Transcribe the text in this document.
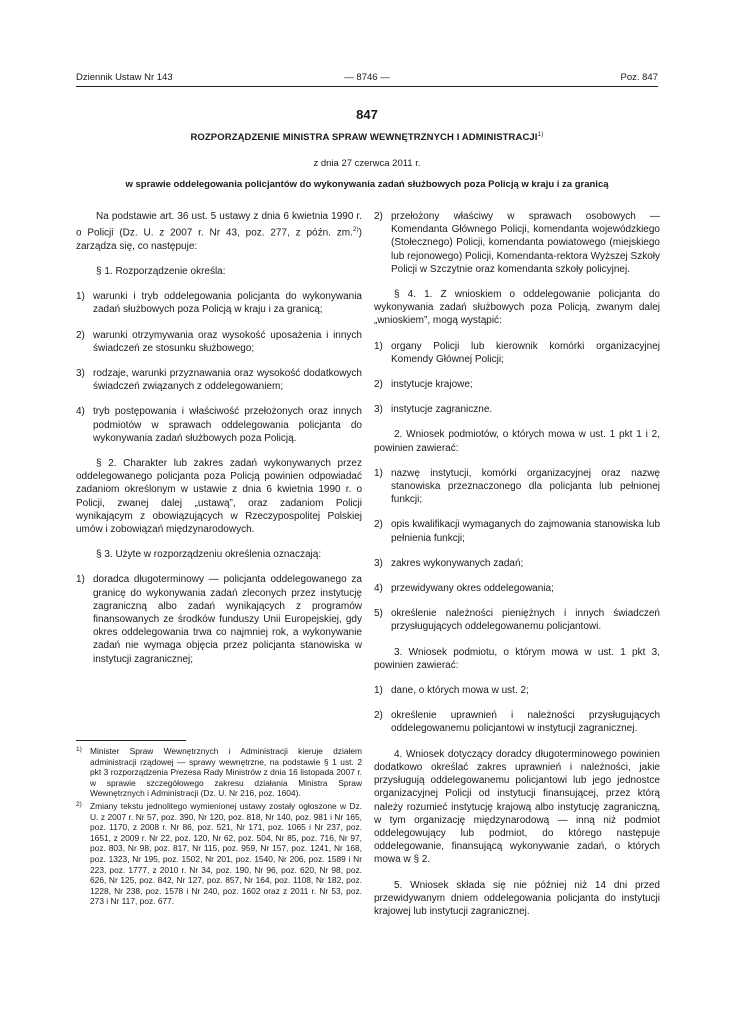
Dziennik Ustaw Nr 143	— 8746 —	Poz. 847
847
ROZPORZĄDZENIE MINISTRA SPRAW WEWNĘTRZNYCH I ADMINISTRACJI$^{1)}$
z dnia 27 czerwca 2011 r.
w sprawie oddelegowania policjantów do wykonywania zadań służbowych poza Policją w kraju i za granicą

Na podstawie art. 36 ust. 5 ustawy z dnia 6 kwietnia 1990 r. o Policji (Dz. U. z 2007 r. Nr 43, poz. 277, z późn. zm.$^{2)}$) zarządza się, co następuje:

§ 1. Rozporządzenie określa:

1) warunki i tryb oddelegowania policjanta do wykonywania zadań służbowych poza Policją w kraju i za granicą;
2) warunki otrzymywania oraz wysokość uposażenia i innych świadczeń ze stosunku służbowego;
3) rodzaje, warunki przyznawania oraz wysokość dodatkowych świadczeń związanych z oddelegowaniem;
4) tryb postępowania i właściwość przełożonych oraz innych podmiotów w sprawach oddelegowania policjanta do wykonywania zadań służbowych poza Policją.

§ 2. Charakter lub zakres zadań wykonywanych przez oddelegowanego policjanta poza Policją powinien odpowiadać zadaniom określonym w ustawie z dnia 6 kwietnia 1990 r. o Policji, zwanej dalej „ustawą”, oraz zadaniom Policji wynikającym z obowiązujących w Rzeczypospolitej Polskiej umów i zobowiązań międzynarodowych.

§ 3. Użyte w rozporządzeniu określenia oznaczają:

1) doradca długoterminowy — policjanta oddelegowanego za granicę do wykonywania zadań zleconych przez instytucję zagraniczną albo zadań wynikających z programów finansowanych ze środków funduszy Unii Europejskiej, gdy okres oddelegowania trwa co najmniej rok, a wykonywanie zadań nie wymaga objęcia przez policjanta stanowiska w instytucji zagranicznej;
1) Minister Spraw Wewnętrznych i Administracji kieruje działem administracji rządowej — sprawy wewnętrzne, na podstawie § 1 ust. 2 pkt 3 rozporządzenia Prezesa Rady Ministrów z dnia 16 listopada 2007 r. w sprawie szczegółowego zakresu działania Ministra Spraw Wewnętrznych i Administracji (Dz. U. Nr 216, poz. 1604).
2) Zmiany tekstu jednolitego wymienionej ustawy zostały ogłoszone w Dz. U. z 2007 r. Nr 57, poz. 390, Nr 120, poz. 818, Nr 140, poz. 981 i Nr 165, poz. 1170, z 2008 r. Nr 86, poz. 521, Nr 171, poz. 1065 i Nr 237, poz. 1651, z 2009 r. Nr 22, poz. 120, Nr 62, poz. 504, Nr 85, poz. 716, Nr 97, poz. 803, Nr 98, poz. 817, Nr 115, poz. 959, Nr 157, poz. 1241, Nr 168, poz. 1323, Nr 195, poz. 1502, Nr 201, poz. 1540, Nr 206, poz. 1589 i Nr 223, poz. 1777, z 2010 r. Nr 34, poz. 190, Nr 96, poz. 620, Nr 98, poz. 626, Nr 125, poz. 842, Nr 127, poz. 857, Nr 164, poz. 1108, Nr 182, poz. 1228, Nr 238, poz. 1578 i Nr 240, poz. 1602 oraz z 2011 r. Nr 53, poz. 273 i Nr 117, poz. 677.
2) przełożony właściwy w sprawach osobowych — Komendanta Głównego Policji, komendanta wojewódzkiego (Stołecznego) Policji, komendanta powiatowego (miejskiego lub rejonowego) Policji, Komendanta-rektora Wyższej Szkoły Policji w Szczytnie oraz komendanta szkoły policyjnej.

§ 4. 1. Z wnioskiem o oddelegowanie policjanta do wykonywania zadań służbowych poza Policją, zwanym dalej „wnioskiem”, mogą wystąpić:

1) organy Policji lub kierownik komórki organizacyjnej Komendy Głównej Policji;
2) instytucje krajowe;
3) instytucje zagraniczne.

2. Wniosek podmiotów, o których mowa w ust. 1 pkt 1 i 2, powinien zawierać:

1) nazwę instytucji, komórki organizacyjnej oraz nazwę stanowiska przeznaczonego dla policjanta lub pełnionej funkcji;
2) opis kwalifikacji wymaganych do zajmowania stanowiska lub pełnienia funkcji;
3) zakres wykonywanych zadań;
4) przewidywany okres oddelegowania;
5) określenie należności pieniężnych i innych świadczeń przysługujących oddelegowanemu policjantowi.

3. Wniosek podmiotu, o którym mowa w ust. 1 pkt 3, powinien zawierać:

1) dane, o których mowa w ust. 2;
2) określenie uprawnień i należności przysługujących oddelegowanemu policjantowi w instytucji zagranicznej.

4. Wniosek dotyczący doradcy długoterminowego powinien dodatkowo określać zakres uprawnień i należności, jakie przysługują oddelegowanemu policjantowi lub jego jednostce organizacyjnej Policji od instytucji finansującej, przez którą należy rozumieć instytucję krajową albo instytucję zagraniczną, w tym organizację międzynarodową — inną niż podmiot oddelegowujący lub podmiot, do którego następuje oddelegowanie, finansującą wykonywanie zadań, o których mowa w § 2.

5. Wniosek składa się nie później niż 14 dni przed przewidywanym dniem oddelegowania policjanta do instytucji krajowej lub instytucji zagranicznej.
